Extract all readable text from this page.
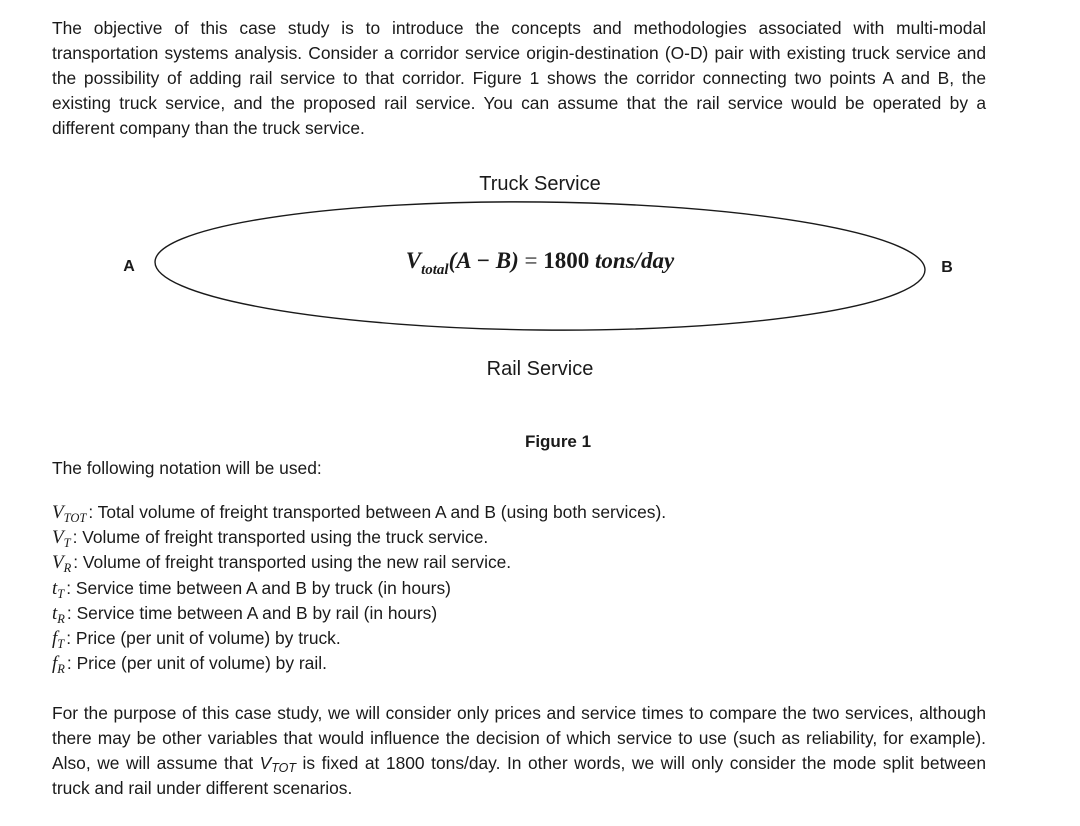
The objective of this case study is to introduce the concepts and methodologies associated with multi-modal transportation systems analysis. Consider a corridor service origin-destination (O-D) pair with existing truck service and the possibility of adding rail service to that corridor. Figure 1 shows the corridor connecting two points A and B, the existing truck service, and the proposed rail service. You can assume that the rail service would be operated by a different company than the truck service.

Truck Service
A	B
$V_{total}(A - B) = 1800$ tons/day
Rail Service
Figure 1

The following notation will be used:

$V_{TOT}$ : Total volume of freight transported between A and B (using both services).
$V_T$ : Volume of freight transported using the truck service.
$V_R$ : Volume of freight transported using the new rail service.
$t_T$ : Service time between A and B by truck (in hours)
$t_R$ : Service time between A and B by rail (in hours)
$f_T$ : Price (per unit of volume) by truck.
$f_R$ : Price (per unit of volume) by rail.

For the purpose of this case study, we will consider only prices and service times to compare the two services, although there may be other variables that would influence the decision of which service to use (such as reliability, for example). Also, we will assume that VTOT is fixed at 1800 tons/day. In other words, we will only consider the mode split between truck and rail under different scenarios.
